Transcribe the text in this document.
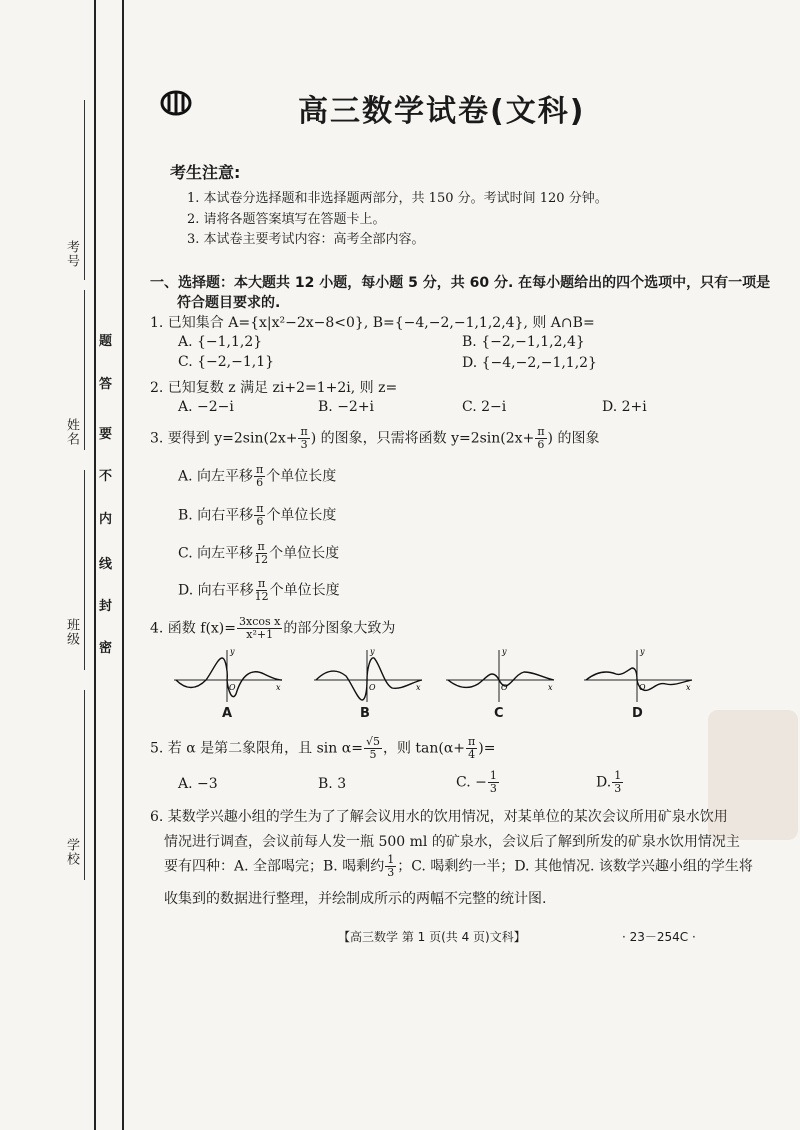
考号
姓名
班级
学校
题
答
要
不
内
线
封
密
高三数学试卷(文科)
考生注意:
1. 本试卷分选择题和非选择题两部分，共 150 分。考试时间 120 分钟。
2. 请将各题答案填写在答题卡上。
3. 本试卷主要考试内容：高考全部内容。
一、选择题：本大题共 12 小题，每小题 5 分，共 60 分. 在每小题给出的四个选项中，只有一项是
符合题目要求的.
1. 已知集合 A={x|x²−2x−8<0}, B={−4,−2,−1,1,2,4}, 则 A∩B=
A. {−1,1,2}	B. {−2,−1,1,2,4}
C. {−2,−1,1}	D. {−4,−2,−1,1,2}
2. 已知复数 z 满足 zi+2=1+2i, 则 z=
A. −2−i	B. −2+i	C. 2−i	D. 2+i
3. 要得到 $y=2\sin(2x+ \frac{\pi}{3}$ ) 的图象，只需将函数 $y=2\sin(2x+ \frac{\pi}{6}$ ) 的图象
A. 向左平移 $\frac{\pi}{6}$ 个单位长度
B. 向右平移 $\frac{\pi}{6}$ 个单位长度
C. 向左平移 $\frac{\pi}{12}$ 个单位长度
D. 向右平移 $\frac{\pi}{12}$ 个单位长度
4. 函数 $f(x)= \frac{\text{3xcos x}}{\text{x²+1}}$ 的部分图象大致为
y
x
O
y
x
O
y
x
O
y
x
O
A	B	C	D
5. 若 α 是第二象限角，且 $\sin \alpha= \frac{√5}{5}$ ，则 $\tan(\alpha+ \frac{\pi}{4}$ )=
A. −3	B. 3	C. − $\frac{1}{3}$	D. $\frac{1}{3}$
6. 某数学兴趣小组的学生为了了解会议用水的饮用情况，对某单位的某次会议所用矿泉水饮用
情况进行调查，会议前每人发一瓶 500 ml 的矿泉水，会议后了解到所发的矿泉水饮用情况主
要有四种：A. 全部喝完；B. 喝剩约 $\frac{1}{3}$ ；C. 喝剩约一半；D. 其他情况. 该数学兴趣小组的学生将
收集到的数据进行整理，并绘制成所示的两幅不完整的统计图.
【高三数学 第 1 页(共 4 页)文科】	· 23－254C ·
